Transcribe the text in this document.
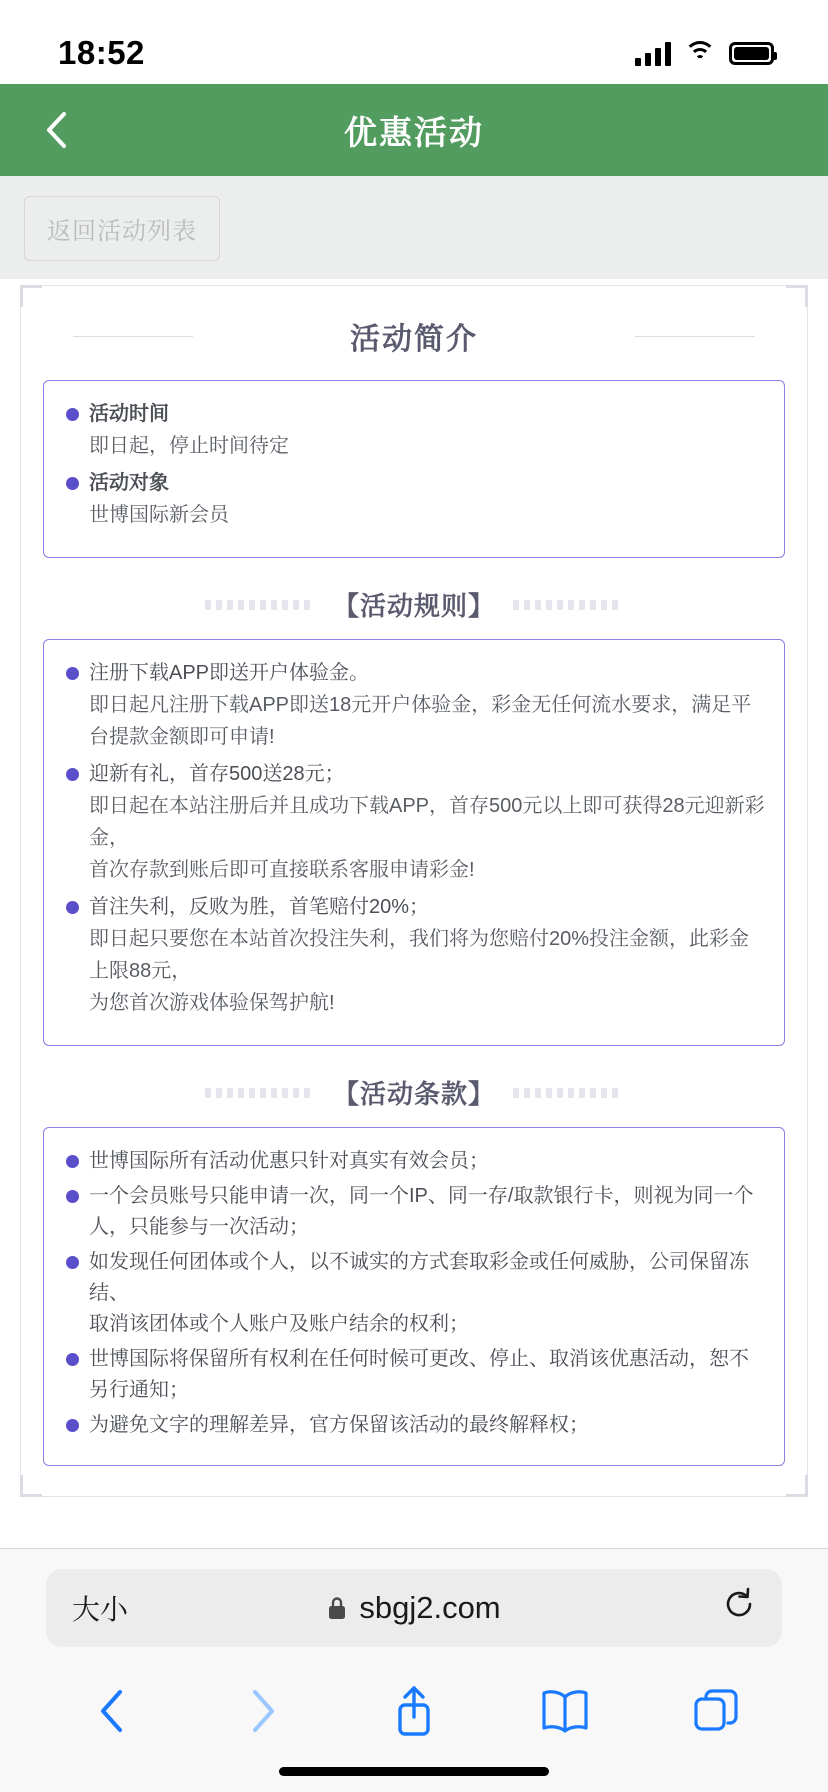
18:52
优惠活动
返回活动列表
活动简介
活动时间
即日起，停止时间待定
活动对象
世博国际新会员
【活动规则】
注册下载APP即送开户体验金。
即日起凡注册下载APP即送18元开户体验金，彩金无任何流水要求，满足平台提款金额即可申请!
迎新有礼，首存500送28元；
即日起在本站注册后并且成功下载APP，首存500元以上即可获得28元迎新彩金，
首次存款到账后即可直接联系客服申请彩金!
首注失利，反败为胜，首笔赔付20%；
即日起只要您在本站首次投注失利，我们将为您赔付20%投注金额，此彩金上限88元，
为您首次游戏体验保驾护航!
【活动条款】
世博国际所有活动优惠只针对真实有效会员；
一个会员账号只能申请一次，同一个IP、同一存/取款银行卡，则视为同一个人，只能参与一次活动；
如发现任何团体或个人，以不诚实的方式套取彩金或任何威胁，公司保留冻结、
取消该团体或个人账户及账户结余的权利；
世博国际将保留所有权利在任何时候可更改、停止、取消该优惠活动，恕不另行通知；
为避免文字的理解差异，官方保留该活动的最终解释权；
大小	sbgj2.com
